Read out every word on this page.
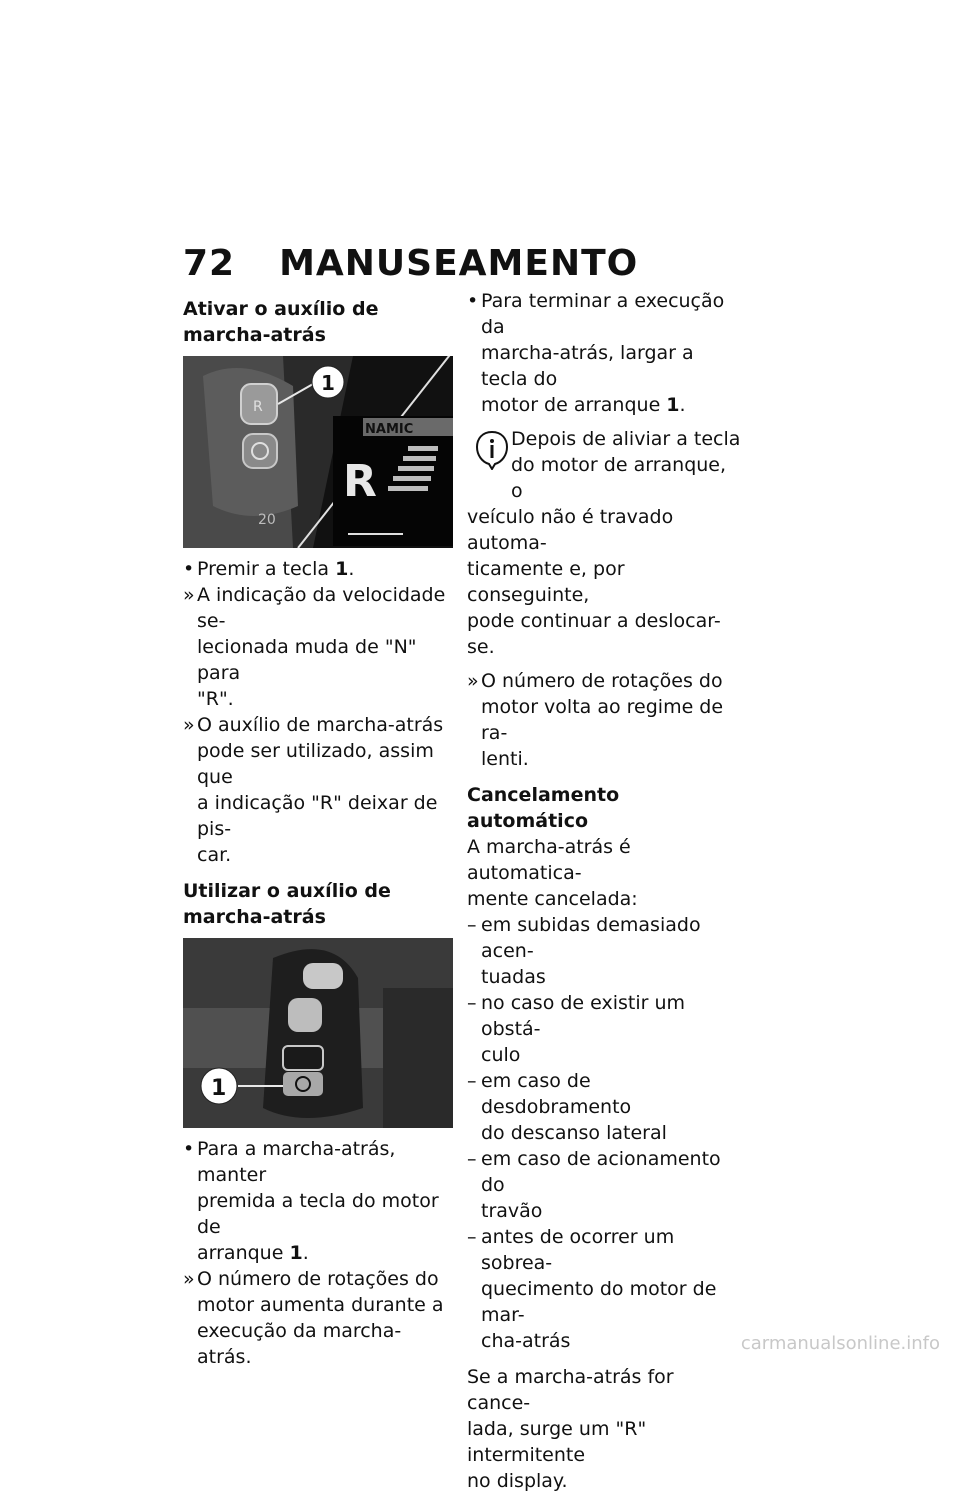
72 MANUSEAMENTO
Ativar o auxílio de marcha-atrás
R
1
NAMIC
R
20
• Premir a tecla 1.
» A indicação da velocidade se-
lecionada muda de "N" para
"R".
» O auxílio de marcha-atrás
pode ser utilizado, assim que
a indicação "R" deixar de pis-
car.
Utilizar o auxílio de marcha-atrás
1
• Para a marcha-atrás, manter
premida a tecla do motor de
arranque 1.
» O número de rotações do
motor aumenta durante a
execução da marcha-atrás.
• Para terminar a execução da
marcha-atrás, largar a tecla do
motor de arranque 1.
Depois de aliviar a tecla
do motor de arranque, o
veículo não é travado automa-
ticamente e, por conseguinte,
pode continuar a deslocar-se.
» O número de rotações do
motor volta ao regime de ra-
lenti.
Cancelamento automático
A marcha-atrás é automatica-
mente cancelada:
– em subidas demasiado acen-
tuadas
– no caso de existir um obstá-
culo
– em caso de desdobramento
do descanso lateral
– em caso de acionamento do
travão
– antes de ocorrer um sobrea-
quecimento do motor de mar-
cha-atrás
Se a marcha-atrás for cance-
lada, surge um "R" intermitente
no display.
carmanualsonline.info
